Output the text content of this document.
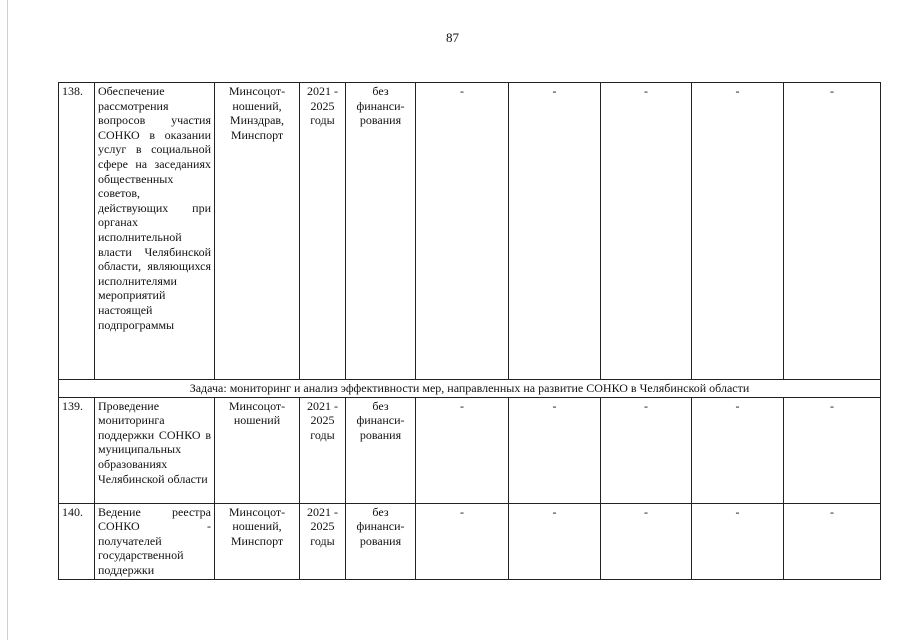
87
138.	Обеспечение рассмотрения вопросов участия СОНКО в оказании услуг в социальной сфере на заседаниях общественных советов, действующих при органах исполнительной власти Челябинской области, являющихся исполнителями мероприятий настоящей подпрограммы	Минсоцот-ношений, Минздрав, Минспорт	2021 - 2025 годы	без финанси-рования	-	-	-	-	-
Задача: мониторинг и анализ эффективности мер, направленных на развитие СОНКО в Челябинской области									
139.	Проведение мониторинга поддержки СОНКО в муниципальных образованиях Челябинской области	Минсоцот-ношений	2021 - 2025 годы	без финанси-рования	-	-	-	-	-
140.	Ведение реестра СОНКО - получателей государственной поддержки	Минсоцот-ношений, Минспорт	2021 - 2025 годы	без финанси-рования	-	-	-	-	-
